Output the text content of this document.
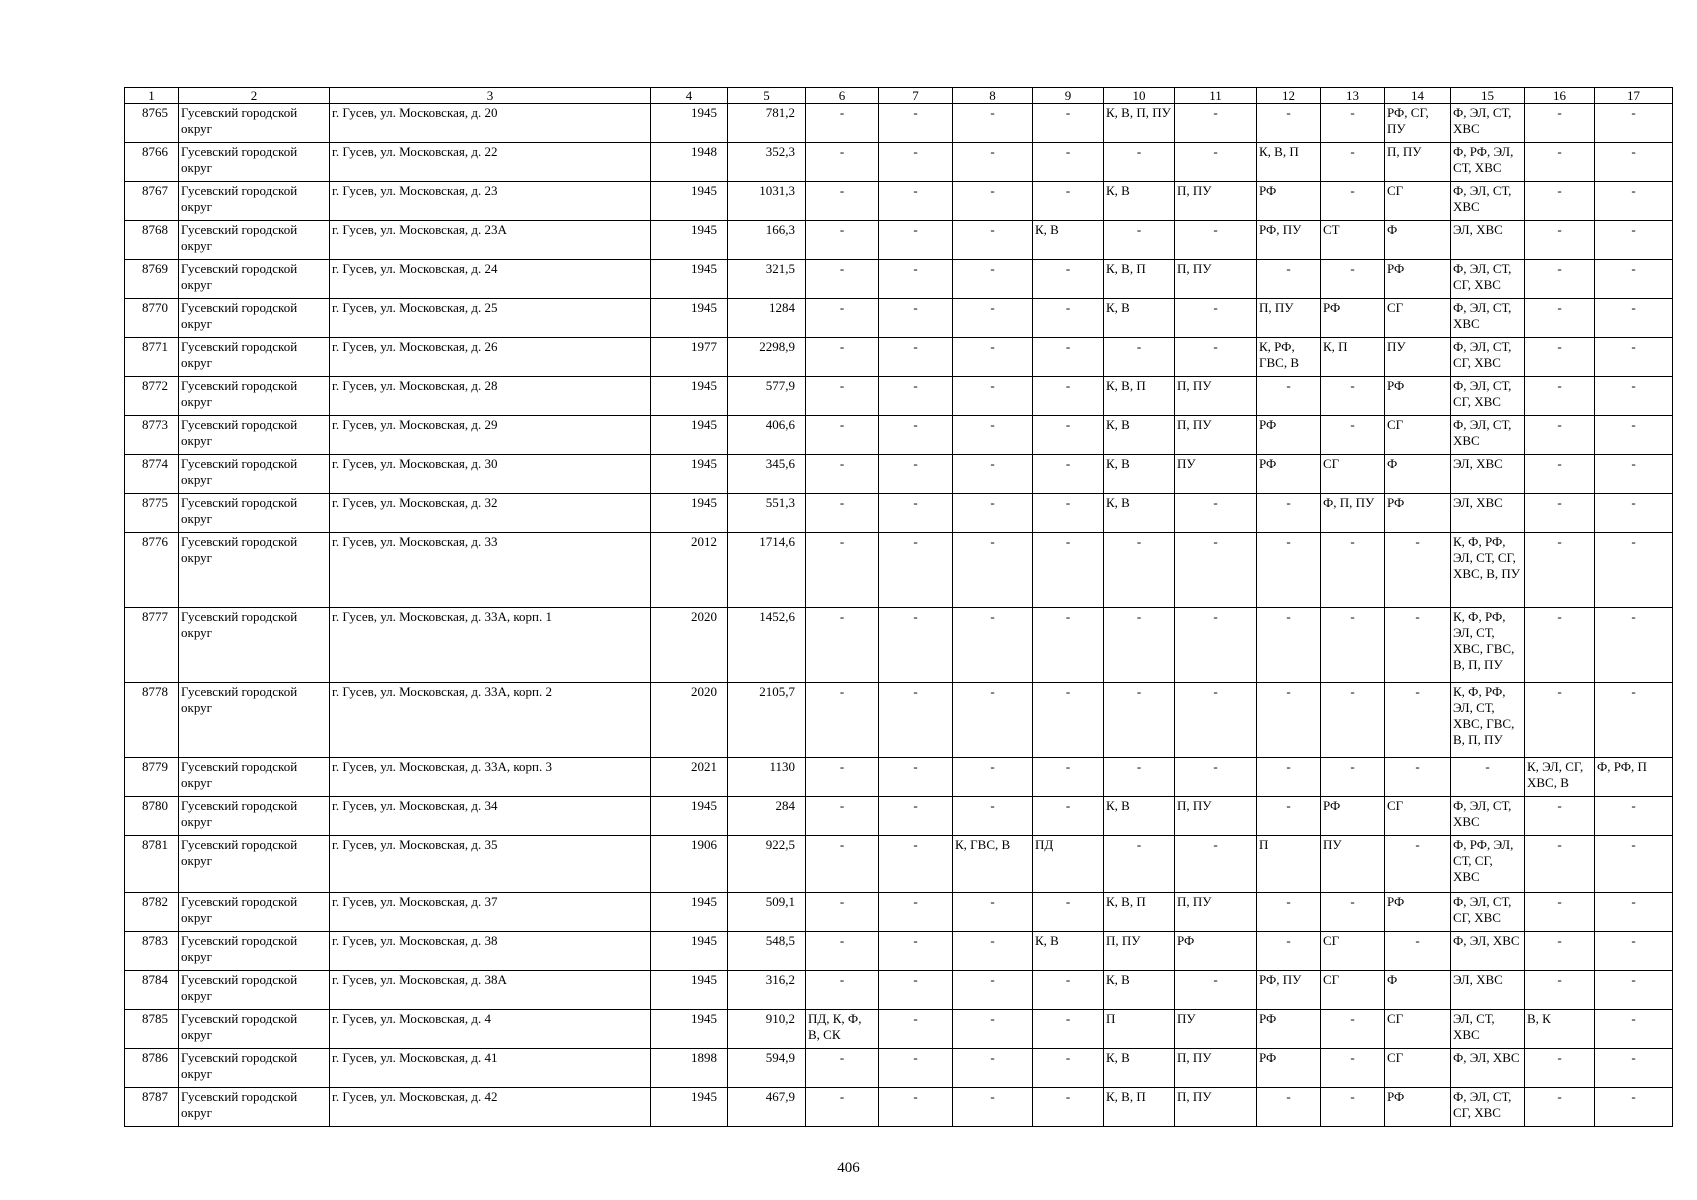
1	2	3	4	5	6	7	8	9	10	11	12	13	14	15	16	17
8765	Гусевский городской округ	г. Гусев, ул. Московская, д. 20	1945	781,2	-	-	-	-	К, В, П, ПУ	-	-	-	РФ, СГ, ПУ	Ф, ЭЛ, СТ, ХВС	-	-
8766	Гусевский городской округ	г. Гусев, ул. Московская, д. 22	1948	352,3	-	-	-	-	-	-	К, В, П	-	П, ПУ	Ф, РФ, ЭЛ, СТ, ХВС	-	-
8767	Гусевский городской округ	г. Гусев, ул. Московская, д. 23	1945	1031,3	-	-	-	-	К, В	П, ПУ	РФ	-	СГ	Ф, ЭЛ, СТ, ХВС	-	-
8768	Гусевский городской округ	г. Гусев, ул. Московская, д. 23А	1945	166,3	-	-	-	К, В	-	-	РФ, ПУ	СТ	Ф	ЭЛ, ХВС	-	-
8769	Гусевский городской округ	г. Гусев, ул. Московская, д. 24	1945	321,5	-	-	-	-	К, В, П	П, ПУ	-	-	РФ	Ф, ЭЛ, СТ, СГ, ХВС	-	-
8770	Гусевский городской округ	г. Гусев, ул. Московская, д. 25	1945	1284	-	-	-	-	К, В	-	П, ПУ	РФ	СГ	Ф, ЭЛ, СТ, ХВС	-	-
8771	Гусевский городской округ	г. Гусев, ул. Московская, д. 26	1977	2298,9	-	-	-	-	-	-	К, РФ, ГВС, В	К, П	ПУ	Ф, ЭЛ, СТ, СГ, ХВС	-	-
8772	Гусевский городской округ	г. Гусев, ул. Московская, д. 28	1945	577,9	-	-	-	-	К, В, П	П, ПУ	-	-	РФ	Ф, ЭЛ, СТ, СГ, ХВС	-	-
8773	Гусевский городской округ	г. Гусев, ул. Московская, д. 29	1945	406,6	-	-	-	-	К, В	П, ПУ	РФ	-	СГ	Ф, ЭЛ, СТ, ХВС	-	-
8774	Гусевский городской округ	г. Гусев, ул. Московская, д. 30	1945	345,6	-	-	-	-	К, В	ПУ	РФ	СГ	Ф	ЭЛ, ХВС	-	-
8775	Гусевский городской округ	г. Гусев, ул. Московская, д. 32	1945	551,3	-	-	-	-	К, В	-	-	Ф, П, ПУ	РФ	ЭЛ, ХВС	-	-
8776	Гусевский городской округ	г. Гусев, ул. Московская, д. 33	2012	1714,6	-	-	-	-	-	-	-	-	-	К, Ф, РФ, ЭЛ, СТ, СГ, ХВС, В, ПУ	-	-
8777	Гусевский городской округ	г. Гусев, ул. Московская, д. 33А, корп. 1	2020	1452,6	-	-	-	-	-	-	-	-	-	К, Ф, РФ, ЭЛ, СТ, ХВС, ГВС, В, П, ПУ	-	-
8778	Гусевский городской округ	г. Гусев, ул. Московская, д. 33А, корп. 2	2020	2105,7	-	-	-	-	-	-	-	-	-	К, Ф, РФ, ЭЛ, СТ, ХВС, ГВС, В, П, ПУ	-	-
8779	Гусевский городской округ	г. Гусев, ул. Московская, д. 33А, корп. 3	2021	1130	-	-	-	-	-	-	-	-	-	-	К, ЭЛ, СГ, ХВС, В	Ф, РФ, П
8780	Гусевский городской округ	г. Гусев, ул. Московская, д. 34	1945	284	-	-	-	-	К, В	П, ПУ	-	РФ	СГ	Ф, ЭЛ, СТ, ХВС	-	-
8781	Гусевский городской округ	г. Гусев, ул. Московская, д. 35	1906	922,5	-	-	К, ГВС, В	ПД	-	-	П	ПУ	-	Ф, РФ, ЭЛ, СТ, СГ, ХВС	-	-
8782	Гусевский городской округ	г. Гусев, ул. Московская, д. 37	1945	509,1	-	-	-	-	К, В, П	П, ПУ	-	-	РФ	Ф, ЭЛ, СТ, СГ, ХВС	-	-
8783	Гусевский городской округ	г. Гусев, ул. Московская, д. 38	1945	548,5	-	-	-	К, В	П, ПУ	РФ	-	СГ	-	Ф, ЭЛ, ХВС	-	-
8784	Гусевский городской округ	г. Гусев, ул. Московская, д. 38А	1945	316,2	-	-	-	-	К, В	-	РФ, ПУ	СГ	Ф	ЭЛ, ХВС	-	-
8785	Гусевский городской округ	г. Гусев, ул. Московская, д. 4	1945	910,2	ПД, К, Ф, В, СК	-	-	-	П	ПУ	РФ	-	СГ	ЭЛ, СТ, ХВС	В, К	-
8786	Гусевский городской округ	г. Гусев, ул. Московская, д. 41	1898	594,9	-	-	-	-	К, В	П, ПУ	РФ	-	СГ	Ф, ЭЛ, ХВС	-	-
8787	Гусевский городской округ	г. Гусев, ул. Московская, д. 42	1945	467,9	-	-	-	-	К, В, П	П, ПУ	-	-	РФ	Ф, ЭЛ, СТ, СГ, ХВС	-	-
406
